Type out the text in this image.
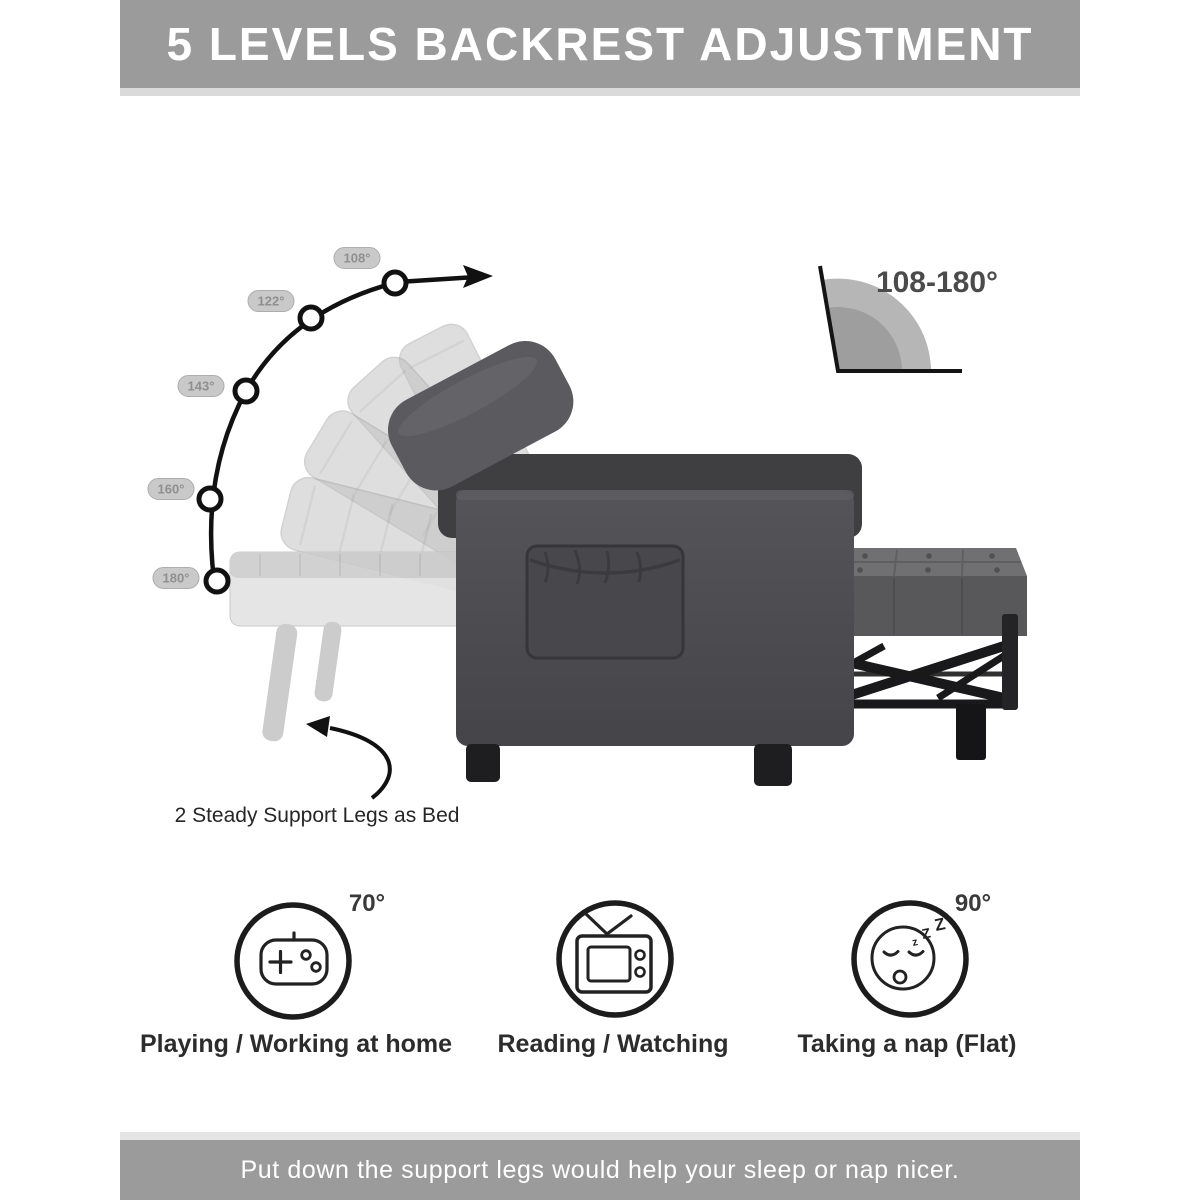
5 LEVELS BACKREST ADJUSTMENT
108°
122°
143°
160°
180°
108-180°
2 Steady Support Legs as Bed
70°
Playing / Working at home Reading / Watching
z
Z Z
90°
Taking a nap (Flat)
Put down the support legs would help your sleep or nap nicer.
